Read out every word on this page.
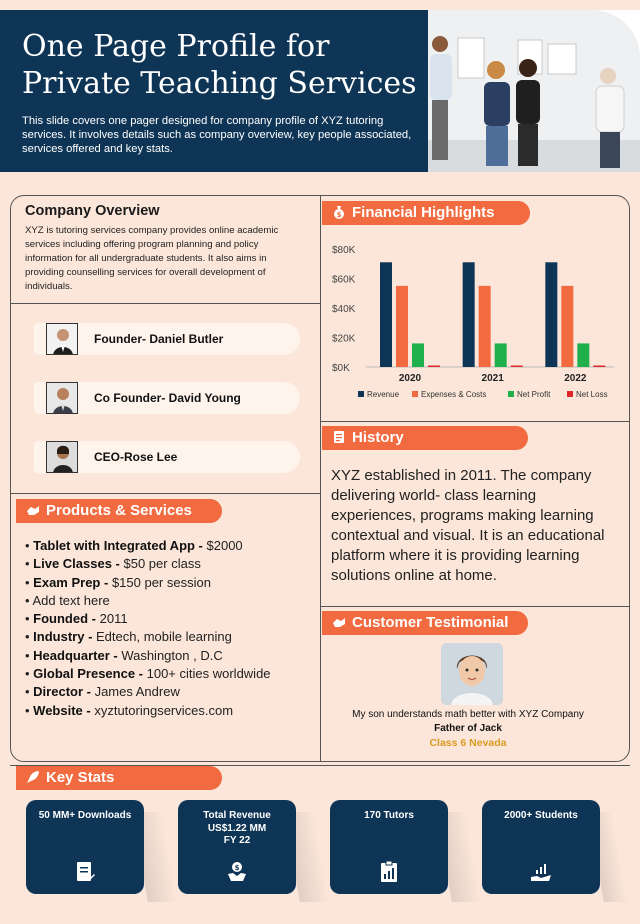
One Page Profile for
Private Teaching Services
This slide covers one pager designed for company profile of XYZ tutoring services. It involves details such as company overview, key people associated, services offered and key stats.
Company Overview
XYZ is tutoring services company provides online academic services including offering program planning and policy information for all undergraduate students. It also aims in providing counselling services for overall development of individuals.
Founder- Daniel Butler
Co Founder- David Young
CEO-Rose Lee
Products & Services
• Tablet with Integrated App - $2000
• Live Classes - $50 per class
• Exam Prep - $150 per session
• Add text here
• Founded - 2011
• Industry - Edtech, mobile learning
• Headquarter - Washington , D.C
• Global Presence - 100+ cities worldwide
• Director - James Andrew
• Website - xyztutoringservices.com
$ Financial Highlights
$0K
$20K
$40K
$60K
$80K
2020	2021	2022
Revenue	Expenses & Costs	Net Profit	Net Loss
History
XYZ established in 2011. The company delivering world- class learning experiences, programs making learning contextual and visual. It is an educational platform where it is providing learning solutions online at home.
Customer Testimonial
My son understands math better with XYZ Company
Father of Jack
Class 6 Nevada
Key Stats
50 MM+ Downloads	Total Revenue
US$1.22 MM
FY 22
$
170 Tutors	2000+ Students
